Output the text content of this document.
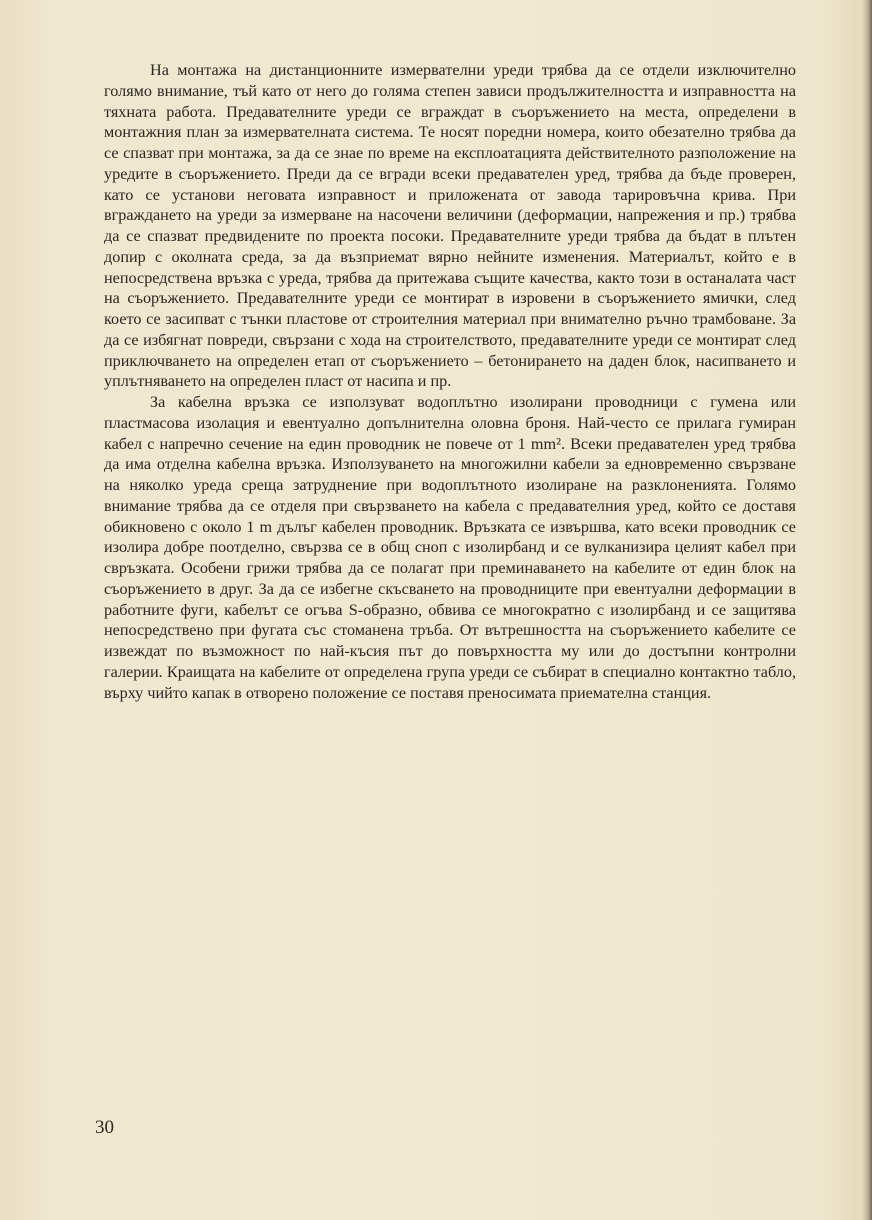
На монтажа на дистанционните измервателни уреди трябва да се отдели изключително голямо внимание, тъй като от него до голяма степен зависи продължителността и изправността на тяхната работа. Предавателните уреди се вграждат в съоръжението на места, определени в монтажния план за измервателната система. Те носят поредни номера, които обезателно трябва да се спазват при монтажа, за да се знае по време на експлоатацията действителното разположение на уредите в съоръжението. Преди да се вгради всеки предавателен уред, трябва да бъде проверен, като се установи неговата изправност и приложената от завода тарировъчна крива. При вграждането на уреди за измерване на насочени величини (деформации, напрежения и пр.) трябва да се спазват предвидените по проекта посоки. Предавателните уреди трябва да бъдат в плътен допир с околната среда, за да възприемат вярно нейните изменения. Материалът, който е в непосредствена връзка с уреда, трябва да притежава същите качества, както този в останалата част на съоръжението. Предавателните уреди се монтират в изровени в съоръжението ямички, след което се засипват с тънки пластове от строителния материал при внимателно ръчно трамбоване. За да се избягнат повреди, свързани с хода на строителството, предавателните уреди се монтират след приключването на определен етап от съоръжението – бетонирането на даден блок, насипването и уплътняването на определен пласт от насипа и пр.

За кабелна връзка се използуват водоплътно изолирани проводници с гумена или пластмасова изолация и евентуално допълнителна оловна броня. Най-често се прилага гумиран кабел с напречно сечение на един проводник не повече от 1 mm². Всеки предавателен уред трябва да има отделна кабелна връзка. Използуването на многожилни кабели за едновременно свързване на няколко уреда среща затруднение при водоплътното изолиране на разклоненията. Голямо внимание трябва да се отделя при свързването на кабела с предавателния уред, който се доставя обикновено с около 1 m дълъг кабелен проводник. Връзката се извършва, като всеки проводник се изолира добре поотделно, свързва се в общ сноп с изолирбанд и се вулканизира целият кабел при свръзката. Особени грижи трябва да се полагат при преминаването на кабелите от един блок на съоръжението в друг. За да се избегне скъсването на проводниците при евентуални деформации в работните фуги, кабелът се огъва S-образно, обвива се многократно с изолирбанд и се защитява непосредствено при фугата със стоманена тръба. От вътрешността на съоръжението кабелите се извеждат по възможност по най-късия път до повърхността му или до достъпни контролни галерии. Краищата на кабелите от определена група уреди се събират в специално контактно табло, върху чийто капак в отворено положение се поставя преносимата приемателна станция.

30
